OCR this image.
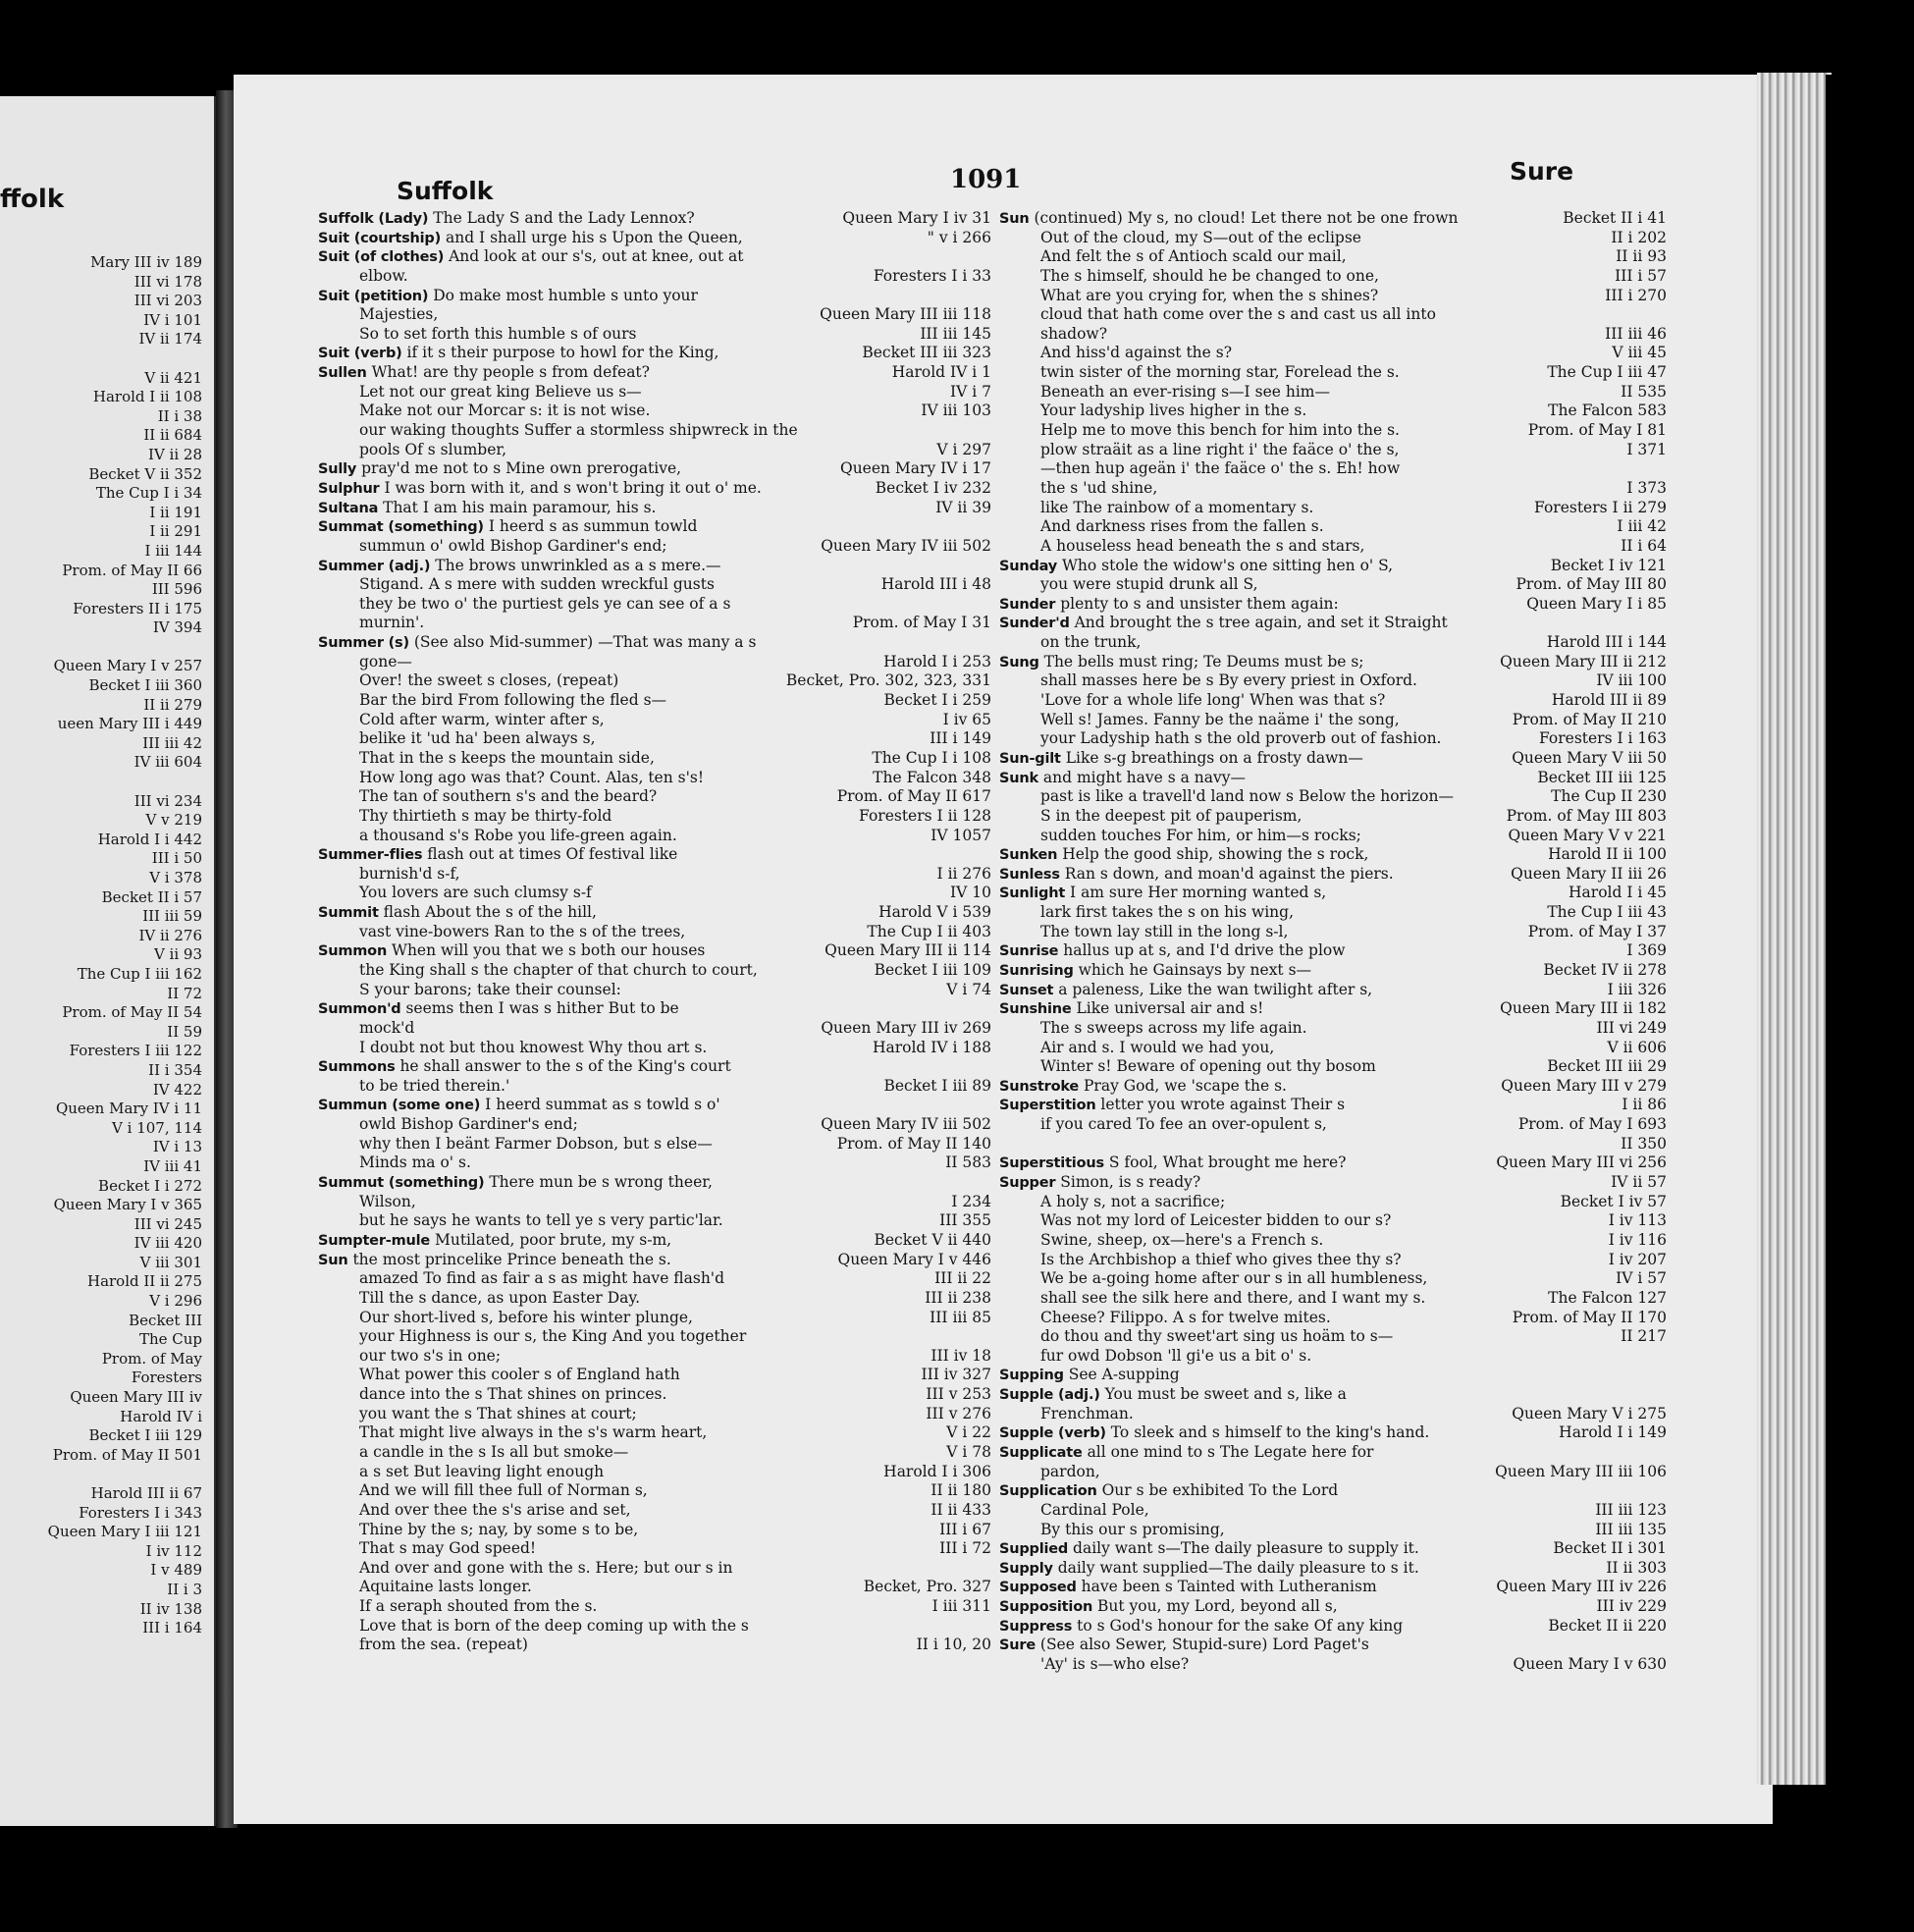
ffolk
Mary III iv 189
III vi 178
III vi 203
IV i 101
IV ii 174
V ii 421
Harold I ii 108
II i 38
II ii 684
IV ii 28
Becket V ii 352
The Cup I i 34
I ii 191
I ii 291
I iii 144
Prom. of May II 66
III 596
Foresters II i 175
IV 394
Queen Mary I v 257
Becket I iii 360
II ii 279
ueen Mary III i 449
III iii 42
IV iii 604
III vi 234
V v 219
Harold I i 442
III i 50
V i 378
Becket II i 57
III iii 59
IV ii 276
V ii 93
The Cup I iii 162
II 72
Prom. of May II 54
II 59
Foresters I iii 122
II i 354
IV 422
Queen Mary IV i 11
V i 107, 114
IV i 13
IV iii 41
Becket I i 272
Queen Mary I v 365
III vi 245
IV iii 420
V iii 301
Harold II ii 275
V i 296
Becket III
The Cup
Prom. of May
Foresters
Queen Mary III iv
Harold IV i
Becket I iii 129
Prom. of May II 501
Harold III ii 67
Foresters I i 343
Queen Mary I iii 121
I iv 112
I v 489
II i 3
II iv 138
III i 164
Suffolk	1091	Sure
Suffolk (Lady) The Lady S and the Lady Lennox?	Queen Mary I iv 31
Suit (courtship) and I shall urge his s Upon the Queen,	" v i 266
Suit (of clothes) And look at our s's, out at knee, out at
elbow.	Foresters I i 33
Suit (petition) Do make most humble s unto your
Majesties,	Queen Mary III iii 118
So to set forth this humble s of ours	III iii 145
Suit (verb) if it s their purpose to howl for the King,	Becket III iii 323
Sullen What! are thy people s from defeat?	Harold IV i 1
Let not our great king Believe us s—	IV i 7
Make not our Morcar s: it is not wise.	IV iii 103
our waking thoughts Suffer a stormless shipwreck in the
pools Of s slumber,	V i 297
Sully pray'd me not to s Mine own prerogative,	Queen Mary IV i 17
Sulphur I was born with it, and s won't bring it out o' me.	Becket I iv 232
Sultana That I am his main paramour, his s.	IV ii 39
Summat (something) I heerd s as summun towld
summun o' owld Bishop Gardiner's end;	Queen Mary IV iii 502
Summer (adj.) The brows unwrinkled as a s mere.—
Stigand. A s mere with sudden wreckful gusts	Harold III i 48
they be two o' the purtiest gels ye can see of a s
murnin'.	Prom. of May I 31
Summer (s) (See also Mid-summer) —That was many a s
gone—	Harold I i 253
Over! the sweet s closes, (repeat)	Becket, Pro. 302, 323, 331
Bar the bird From following the fled s—	Becket I i 259
Cold after warm, winter after s,	I iv 65
belike it 'ud ha' been always s,	III i 149
That in the s keeps the mountain side,	The Cup I i 108
How long ago was that? Count. Alas, ten s's!	The Falcon 348
The tan of southern s's and the beard?	Prom. of May II 617
Thy thirtieth s may be thirty-fold	Foresters I ii 128
a thousand s's Robe you life-green again.	IV 1057
Summer-flies flash out at times Of festival like
burnish'd s-f,	I ii 276
You lovers are such clumsy s-f	IV 10
Summit flash About the s of the hill,	Harold V i 539
vast vine-bowers Ran to the s of the trees,	The Cup I ii 403
Summon When will you that we s both our houses	Queen Mary III ii 114
the King shall s the chapter of that church to court,	Becket I iii 109
S your barons; take their counsel:	V i 74
Summon'd seems then I was s hither But to be
mock'd	Queen Mary III iv 269
I doubt not but thou knowest Why thou art s.	Harold IV i 188
Summons he shall answer to the s of the King's court
to be tried therein.'	Becket I iii 89
Summun (some one) I heerd summat as s towld s o'
owld Bishop Gardiner's end;	Queen Mary IV iii 502
why then I beänt Farmer Dobson, but s else—	Prom. of May II 140
Minds ma o' s.	II 583
Summut (something) There mun be s wrong theer,
Wilson,	I 234
but he says he wants to tell ye s very partic'lar.	III 355
Sumpter-mule Mutilated, poor brute, my s-m,	Becket V ii 440
Sun the most princelike Prince beneath the s.	Queen Mary I v 446
amazed To find as fair a s as might have flash'd	III ii 22
Till the s dance, as upon Easter Day.	III ii 238
Our short-lived s, before his winter plunge,	III iii 85
your Highness is our s, the King And you together
our two s's in one;	III iv 18
What power this cooler s of England hath	III iv 327
dance into the s That shines on princes.	III v 253
you want the s That shines at court;	III v 276
That might live always in the s's warm heart,	V i 22
a candle in the s Is all but smoke—	V i 78
a s set But leaving light enough	Harold I i 306
And we will fill thee full of Norman s,	II ii 180
And over thee the s's arise and set,	II ii 433
Thine by the s; nay, by some s to be,	III i 67
That s may God speed!	III i 72
And over and gone with the s. Here; but our s in
Aquitaine lasts longer.	Becket, Pro. 327
If a seraph shouted from the s.	I iii 311
Love that is born of the deep coming up with the s
from the sea. (repeat)	II i 10, 20
Sun (continued) My s, no cloud! Let there not be one frown	Becket II i 41
Out of the cloud, my S—out of the eclipse	II i 202
And felt the s of Antioch scald our mail,	II ii 93
The s himself, should he be changed to one,	III i 57
What are you crying for, when the s shines?	III i 270
cloud that hath come over the s and cast us all into
shadow?	III iii 46
And hiss'd against the s?	V iii 45
twin sister of the morning star, Forelead the s.	The Cup I iii 47
Beneath an ever-rising s—I see him—	II 535
Your ladyship lives higher in the s.	The Falcon 583
Help me to move this bench for him into the s.	Prom. of May I 81
plow straäit as a line right i' the faäce o' the s,	I 371
—then hup ageän i' the faäce o' the s. Eh! how
the s 'ud shine,	I 373
like The rainbow of a momentary s.	Foresters I ii 279
And darkness rises from the fallen s.	I iii 42
A houseless head beneath the s and stars,	II i 64
Sunday Who stole the widow's one sitting hen o' S,	Becket I iv 121
you were stupid drunk all S,	Prom. of May III 80
Sunder plenty to s and unsister them again:	Queen Mary I i 85
Sunder'd And brought the s tree again, and set it Straight
on the trunk,	Harold III i 144
Sung The bells must ring; Te Deums must be s;	Queen Mary III ii 212
shall masses here be s By every priest in Oxford.	IV iii 100
'Love for a whole life long' When was that s?	Harold III ii 89
Well s! James. Fanny be the naäme i' the song,	Prom. of May II 210
your Ladyship hath s the old proverb out of fashion.	Foresters I i 163
Sun-gilt Like s-g breathings on a frosty dawn—	Queen Mary V iii 50
Sunk and might have s a navy—	Becket III iii 125
past is like a travell'd land now s Below the horizon—	The Cup II 230
S in the deepest pit of pauperism,	Prom. of May III 803
sudden touches For him, or him—s rocks;	Queen Mary V v 221
Sunken Help the good ship, showing the s rock,	Harold II ii 100
Sunless Ran s down, and moan'd against the piers.	Queen Mary II iii 26
Sunlight I am sure Her morning wanted s,	Harold I i 45
lark first takes the s on his wing,	The Cup I iii 43
The town lay still in the long s-l,	Prom. of May I 37
Sunrise hallus up at s, and I'd drive the plow	I 369
Sunrising which he Gainsays by next s—	Becket IV ii 278
Sunset a paleness, Like the wan twilight after s,	I iii 326
Sunshine Like universal air and s!	Queen Mary III ii 182
The s sweeps across my life again.	III vi 249
Air and s. I would we had you,	V ii 606
Winter s! Beware of opening out thy bosom	Becket III iii 29
Sunstroke Pray God, we 'scape the s.	Queen Mary III v 279
Superstition letter you wrote against Their s	I ii 86
if you cared To fee an over-opulent s,	Prom. of May I 693
II 350
Superstitious S fool, What brought me here?	Queen Mary III vi 256
Supper Simon, is s ready?	IV ii 57
A holy s, not a sacrifice;	Becket I iv 57
Was not my lord of Leicester bidden to our s?	I iv 113
Swine, sheep, ox—here's a French s.	I iv 116
Is the Archbishop a thief who gives thee thy s?	I iv 207
We be a-going home after our s in all humbleness,	IV i 57
shall see the silk here and there, and I want my s.	The Falcon 127
Cheese? Filippo. A s for twelve mites.	Prom. of May II 170
do thou and thy sweet'art sing us hoäm to s—	II 217
fur owd Dobson 'll gi'e us a bit o' s.
Supping See A-supping
Supple (adj.) You must be sweet and s, like a
Frenchman.	Queen Mary V i 275
Supple (verb) To sleek and s himself to the king's hand.	Harold I i 149
Supplicate all one mind to s The Legate here for
pardon,	Queen Mary III iii 106
Supplication Our s be exhibited To the Lord
Cardinal Pole,	III iii 123
By this our s promising,	III iii 135
Supplied daily want s—The daily pleasure to supply it.	Becket II i 301
Supply daily want supplied—The daily pleasure to s it.	II ii 303
Supposed have been s Tainted with Lutheranism	Queen Mary III iv 226
Supposition But you, my Lord, beyond all s,	III iv 229
Suppress to s God's honour for the sake Of any king	Becket II ii 220
Sure (See also Sewer, Stupid-sure) Lord Paget's
'Ay' is s—who else?	Queen Mary I v 630
